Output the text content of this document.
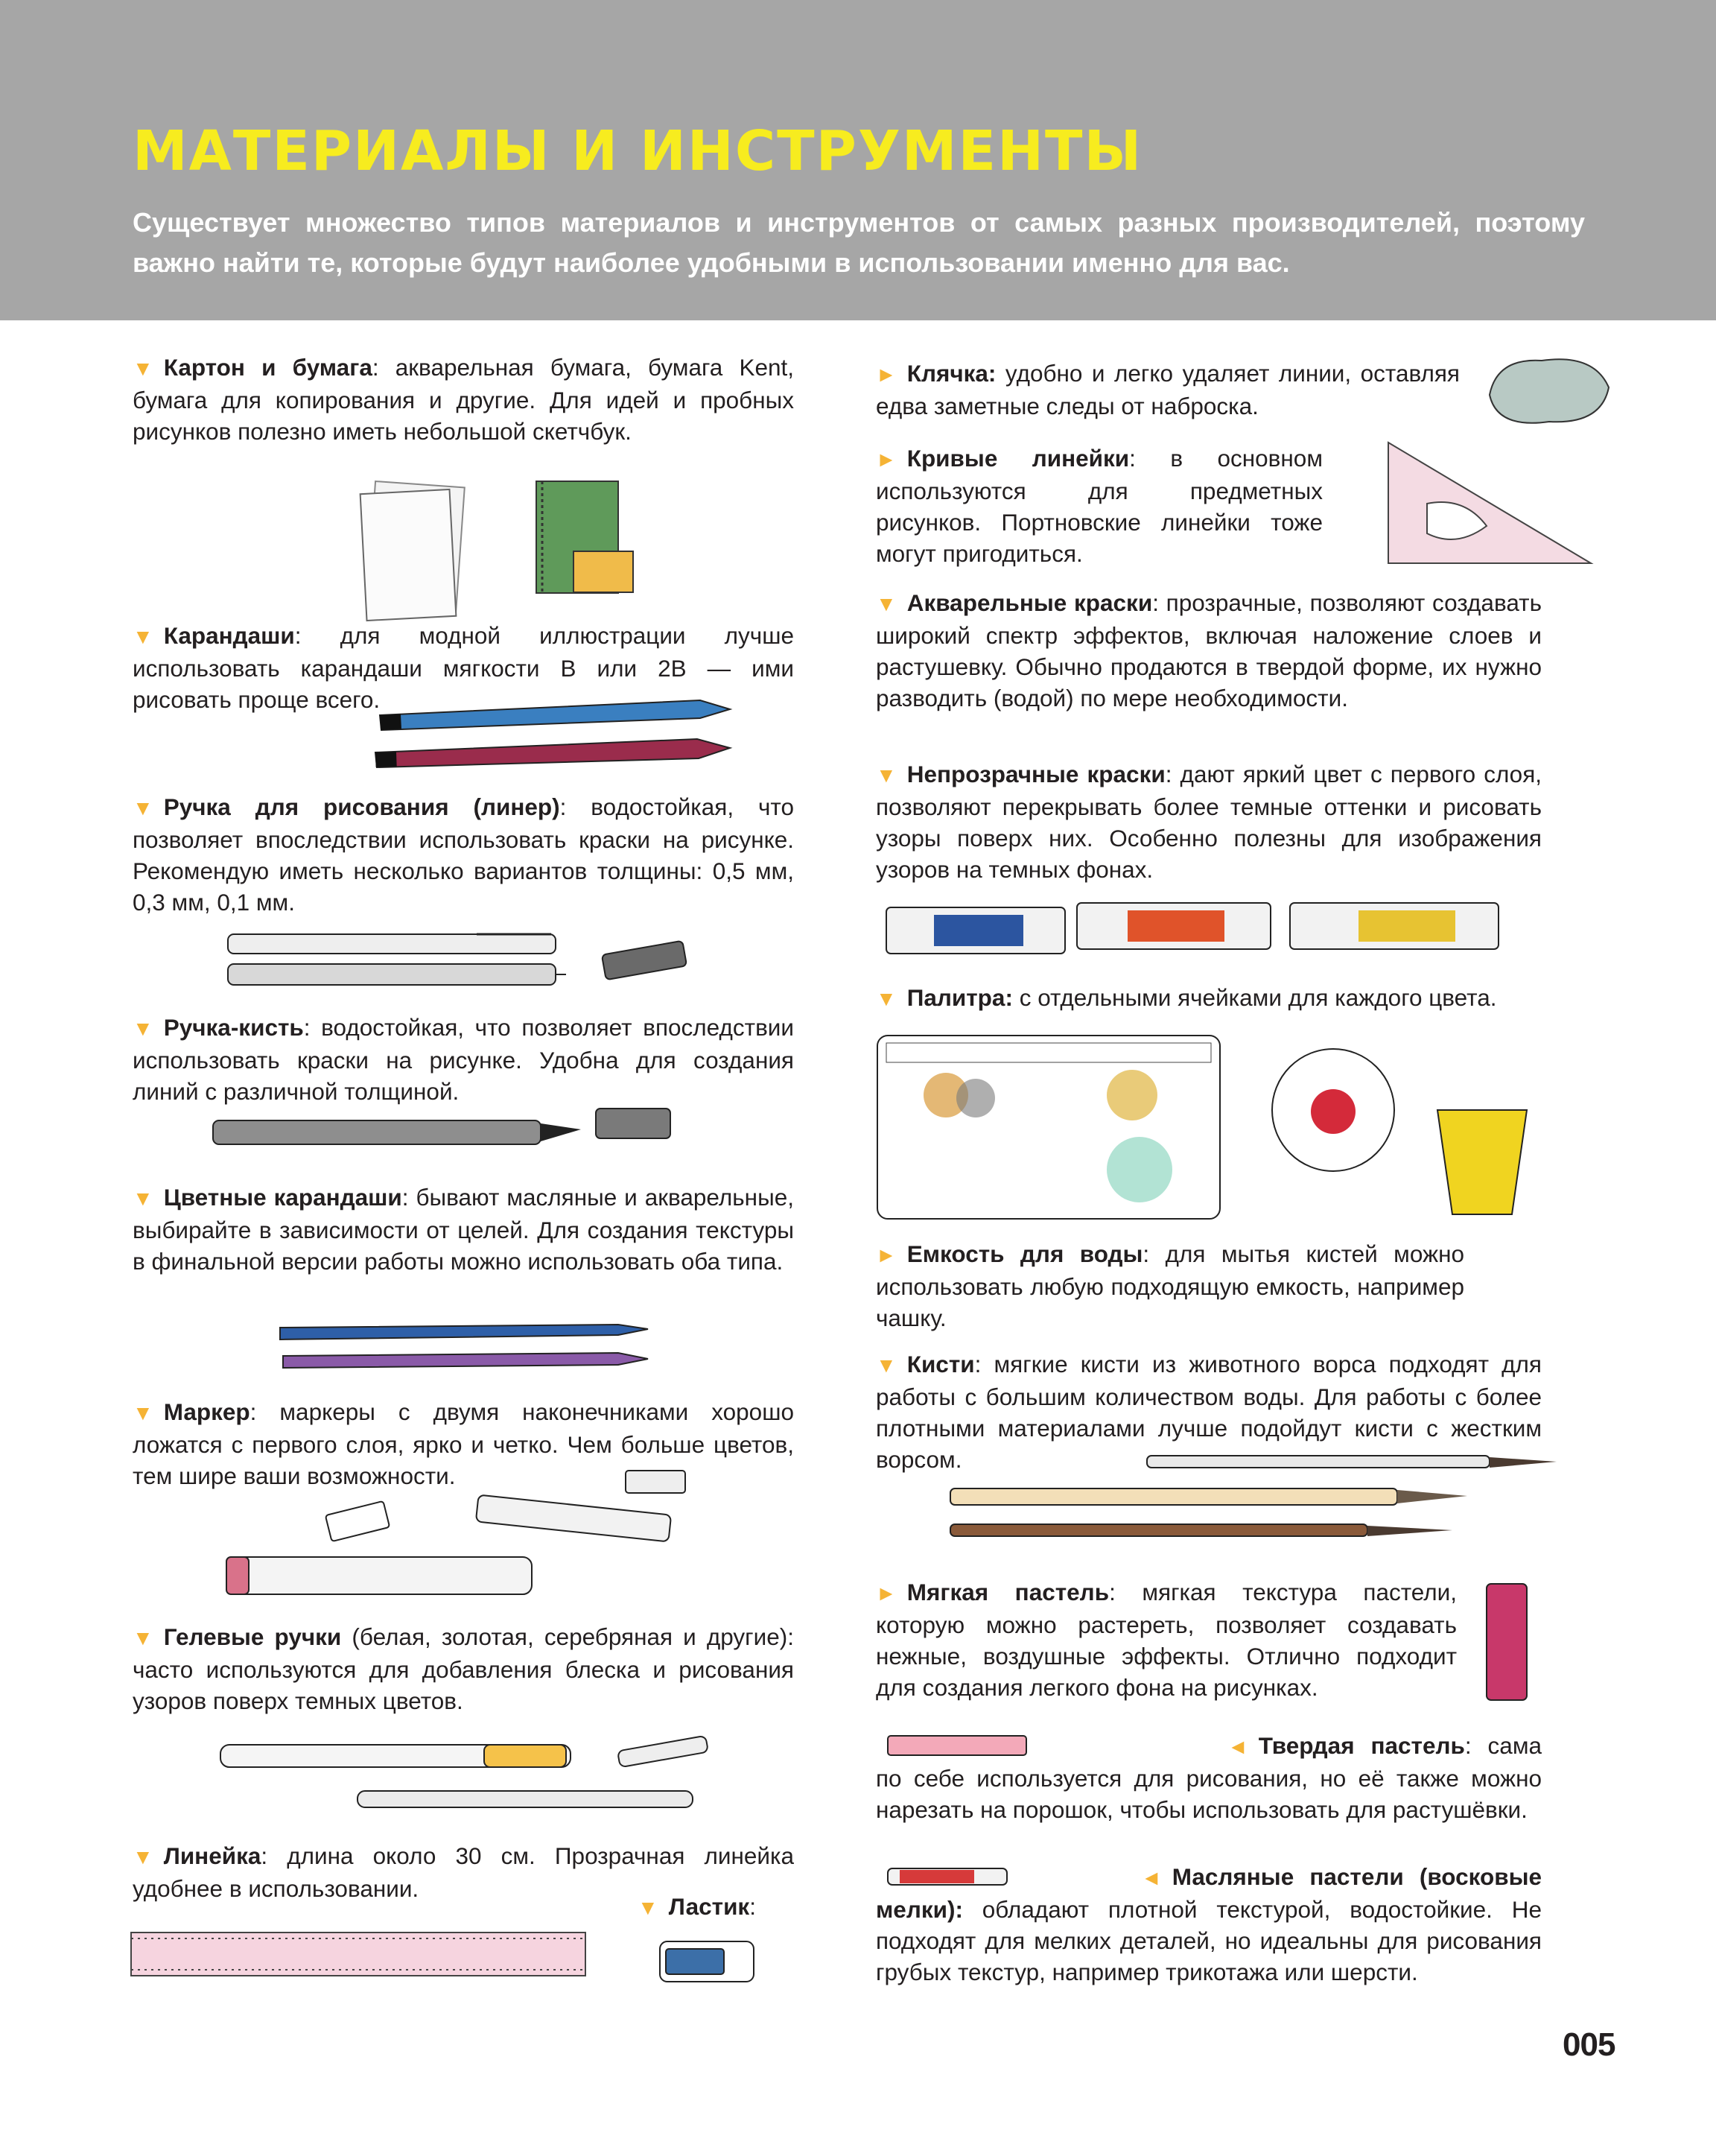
МАТЕРИАЛЫ И ИНСТРУМЕНТЫ
Существует множество типов материалов и инструментов от самых разных производителей, поэтому важно найти те, которые будут наиболее удобными в использовании именно для вас.
▼ Картон и бумага: акварельная бумага, бумага Kent, бумага для копирования и другие. Для идей и пробных рисунков полезно иметь небольшой скетчбук.
▼ Карандаши: для модной иллюстрации лучше использовать карандаши мягкости B или 2B — ими рисовать проще всего.
▼ Ручка для рисования (линер): водостойкая, что позволяет впоследствии использовать краски на рисунке. Рекомендую иметь несколько вариантов толщины: 0,5 мм, 0,3 мм, 0,1 мм.
▼ Ручка-кисть: водостойкая, что позволяет впоследствии использовать краски на рисунке. Удобна для создания линий с различной толщиной.
▼ Цветные карандаши: бывают масляные и акварельные, выбирайте в зависимости от целей. Для создания текстуры в финальной версии работы можно использовать оба типа.
▼ Маркер: маркеры с двумя наконечниками хорошо ложатся с первого слоя, ярко и четко. Чем больше цветов, тем шире ваши возможности.
▼ Гелевые ручки (белая, золотая, серебряная и другие): часто используются для добавления блеска и рисования узоров поверх темных цветов.
▼ Линейка: длина около 30 см. Прозрачная линейка удобнее в использовании.
▼ Ластик:
► Клячка: удобно и легко удаляет линии, оставляя едва заметные следы от наброска.
► Кривые линейки: в основном используются для предметных рисунков. Портновские линейки тоже могут пригодиться.
▼ Акварельные краски: прозрачные, позволяют создавать широкий спектр эффектов, включая наложение слоев и растушевку. Обычно продаются в твердой форме, их нужно разводить (водой) по мере необходимости.
▼ Непрозрачные краски: дают яркий цвет с первого слоя, позволяют перекрывать более темные оттенки и рисовать узоры поверх них. Особенно полезны для изображения узоров на темных фонах.
▼ Палитра: с отдельными ячейками для каждого цвета.
► Емкость для воды: для мытья кистей можно использовать любую подходящую емкость, например чашку.
▼ Кисти: мягкие кисти из животного ворса подходят для работы с большим количеством воды. Для работы с более плотными материалами лучше подойдут кисти с жестким ворсом.
► Мягкая пастель: мягкая текстура пастели, которую можно растереть, позволяет создавать нежные, воздушные эффекты. Отлично подходит для создания легкого фона на рисунках.
◄ Твердая пастель: сама по себе используется для рисования, но её также можно нарезать на порошок, чтобы использовать для растушёвки.
◄ Масляные пастели (восковые мелки): обладают плотной текстурой, водостойкие. Не подходят для мелких деталей, но идеальны для рисования грубых текстур, например трикотажа или шерсти.
005
